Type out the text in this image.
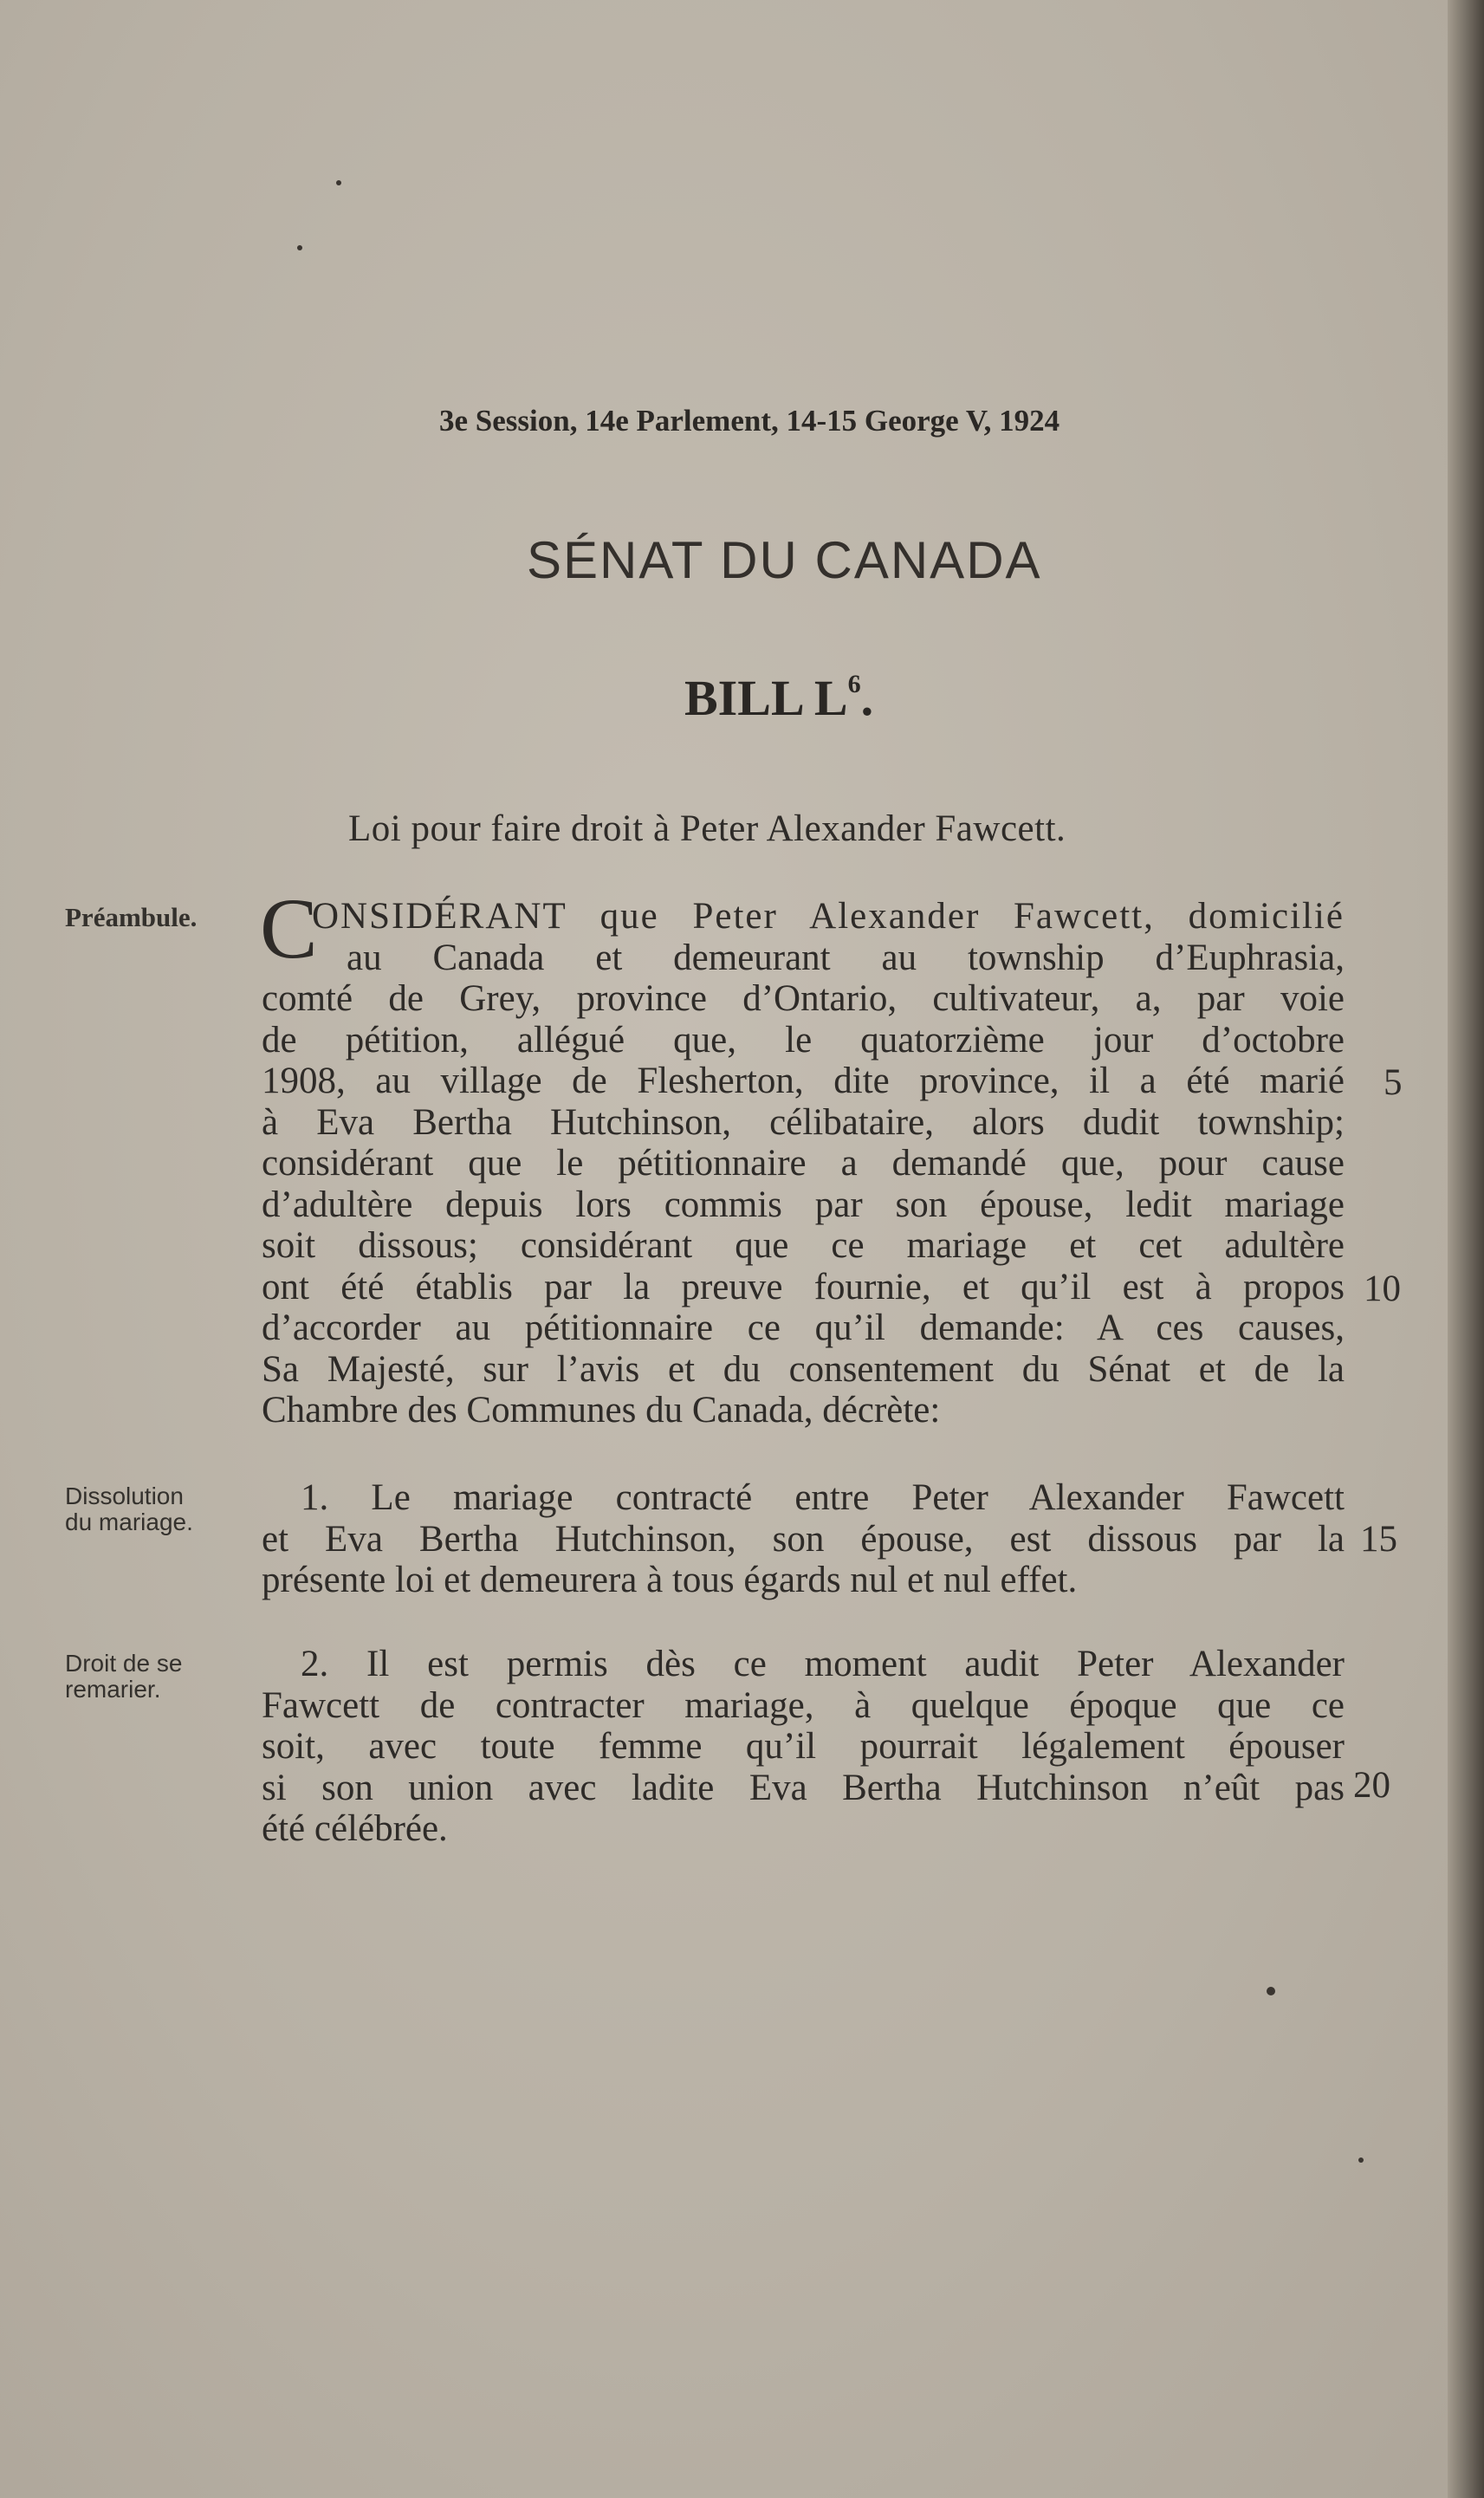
3e Session, 14e Parlement, 14-15 George V, 1924

SÉNAT DU CANADA
BILL $L^6$.

Loi pour faire droit à Peter Alexander Fawcett.

Préambule.
Dissolution
du mariage.
Droit de se
remarier.
C
ONSIDÉRANT que Peter Alexander Fawcett, domicilié
au Canada et demeurant au township d’Euphrasia,
comté de Grey, province d’Ontario, cultivateur, a, par voie
de pétition, allégué que, le quatorzième jour d’octobre
1908, au village de Flesherton, dite province, il a été marié
à Eva Bertha Hutchinson, célibataire, alors dudit township;
considérant que le pétitionnaire a demandé que, pour cause
d’adultère depuis lors commis par son épouse, ledit mariage
soit dissous; considérant que ce mariage et cet adultère
ont été établis par la preuve fournie, et qu’il est à propos
d’accorder au pétitionnaire ce qu’il demande: A ces causes,
Sa Majesté, sur l’avis et du consentement du Sénat et de la
Chambre des Communes du Canada, décrète:
1. Le mariage contracté entre Peter Alexander Fawcett
et Eva Bertha Hutchinson, son épouse, est dissous par la
présente loi et demeurera à tous égards nul et nul effet.
2. Il est permis dès ce moment audit Peter Alexander
Fawcett de contracter mariage, à quelque époque que ce
soit, avec toute femme qu’il pourrait légalement épouser
si son union avec ladite Eva Bertha Hutchinson n’eût pas
été célébrée.
5
10
15
20
